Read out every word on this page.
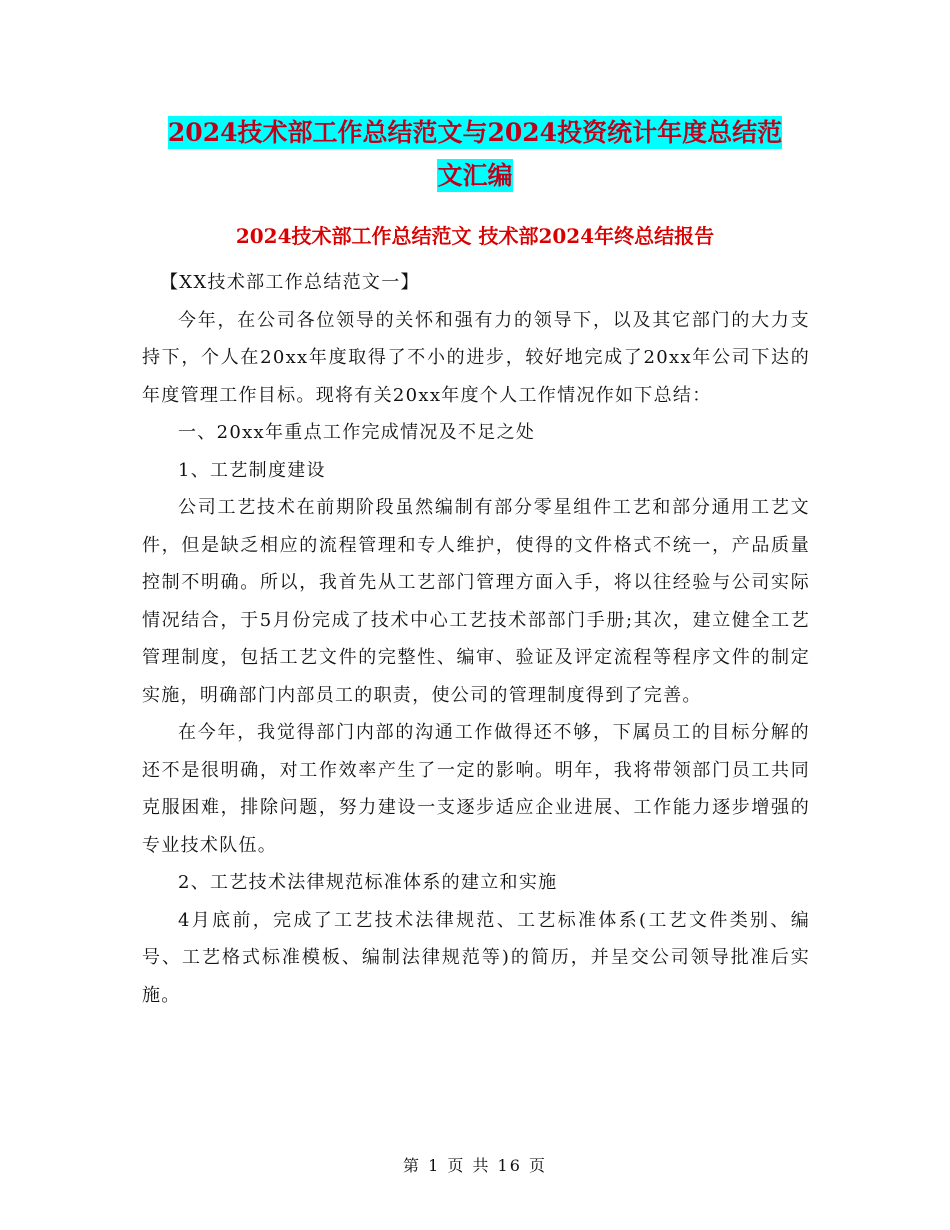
2024技术部工作总结范文与2024投资统计年度总结范
文汇编
2024技术部工作总结范文 技术部2024年终总结报告

【XX技术部工作总结范文一】

今年，在公司各位领导的关怀和强有力的领导下，以及其它部门的大力支持下，个人在20xx年度取得了不小的进步，较好地完成了20xx年公司下达的年度管理工作目标。现将有关20xx年度个人工作情况作如下总结：

一、20xx年重点工作完成情况及不足之处

1、工艺制度建设

公司工艺技术在前期阶段虽然编制有部分零星组件工艺和部分通用工艺文件，但是缺乏相应的流程管理和专人维护，使得的文件格式不统一，产品质量控制不明确。所以，我首先从工艺部门管理方面入手，将以往经验与公司实际情况结合，于5月份完成了技术中心工艺技术部部门手册;其次，建立健全工艺管理制度，包括工艺文件的完整性、编审、验证及评定流程等程序文件的制定实施，明确部门内部员工的职责，使公司的管理制度得到了完善。

在今年，我觉得部门内部的沟通工作做得还不够，下属员工的目标分解的还不是很明确，对工作效率产生了一定的影响。明年，我将带领部门员工共同克服困难，排除问题，努力建设一支逐步适应企业进展、工作能力逐步增强的专业技术队伍。

2、工艺技术法律规范标准体系的建立和实施

4月底前，完成了工艺技术法律规范、工艺标准体系(工艺文件类别、编号、工艺格式标准模板、编制法律规范等)的简历，并呈交公司领导批准后实施。

第 1 页 共 16 页
